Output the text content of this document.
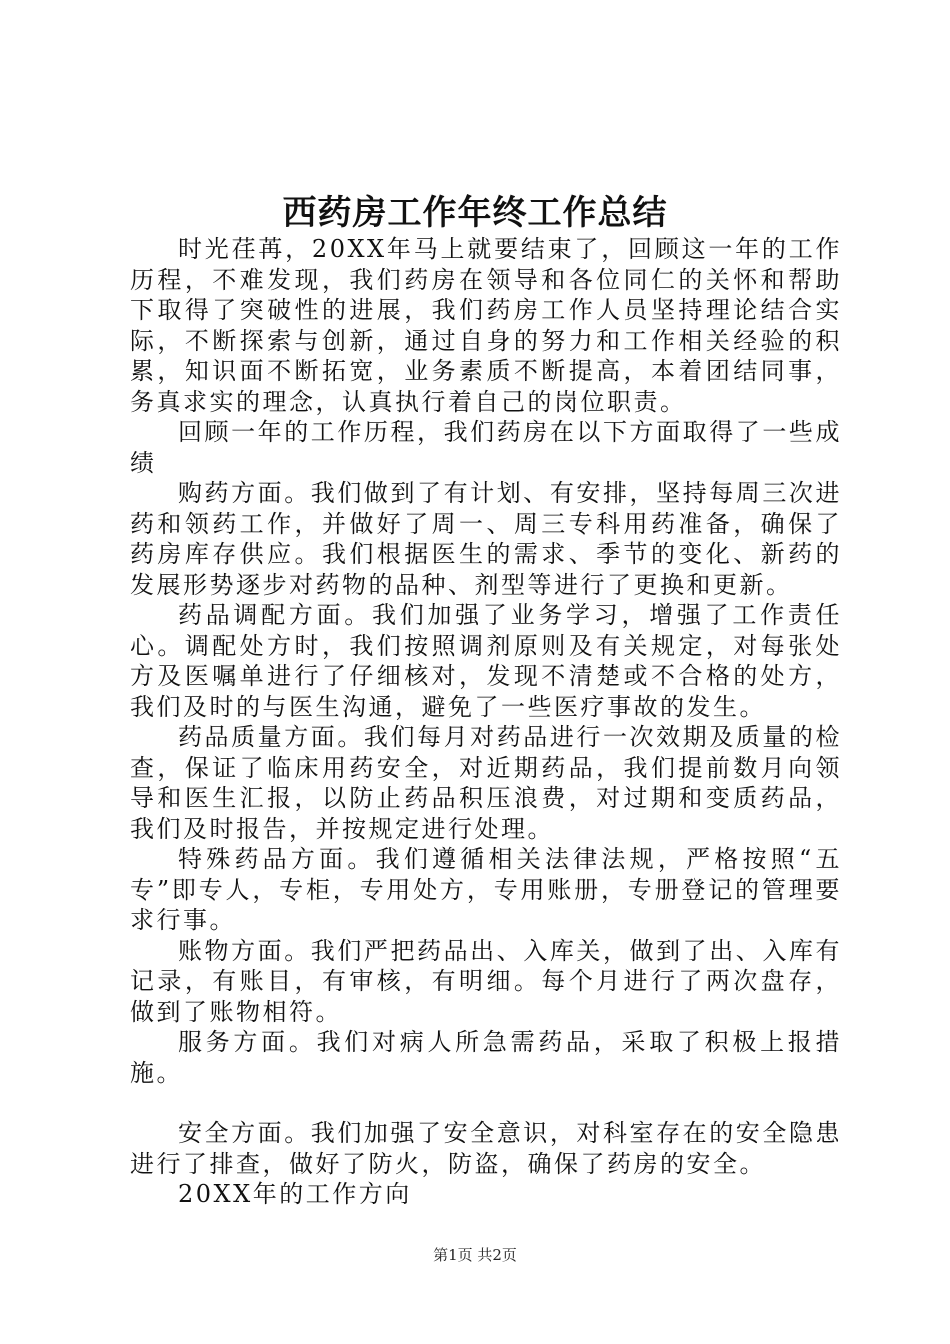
西药房工作年终工作总结

时光荏苒，20XX年马上就要结束了，回顾这一年的工作历程，不难发现，我们药房在领导和各位同仁的关怀和帮助下取得了突破性的进展，我们药房工作人员坚持理论结合实际，不断探索与创新，通过自身的努力和工作相关经验的积累，知识面不断拓宽，业务素质不断提高，本着团结同事，务真求实的理念，认真执行着自己的岗位职责。

回顾一年的工作历程，我们药房在以下方面取得了一些成绩

购药方面。我们做到了有计划、有安排，坚持每周三次进药和领药工作，并做好了周一、周三专科用药准备，确保了药房库存供应。我们根据医生的需求、季节的变化、新药的发展形势逐步对药物的品种、剂型等进行了更换和更新。

药品调配方面。我们加强了业务学习，增强了工作责任心。调配处方时，我们按照调剂原则及有关规定，对每张处方及医嘱单进行了仔细核对，发现不清楚或不合格的处方，我们及时的与医生沟通，避免了一些医疗事故的发生。

药品质量方面。我们每月对药品进行一次效期及质量的检查，保证了临床用药安全，对近期药品，我们提前数月向领导和医生汇报，以防止药品积压浪费，对过期和变质药品，我们及时报告，并按规定进行处理。

特殊药品方面。我们遵循相关法律法规，严格按照“五专”即专人，专柜，专用处方，专用账册，专册登记的管理要求行事。

账物方面。我们严把药品出、入库关，做到了出、入库有记录，有账目，有审核，有明细。每个月进行了两次盘存，做到了账物相符。

服务方面。我们对病人所急需药品，采取了积极上报措施。

安全方面。我们加强了安全意识，对科室存在的安全隐患进行了排查，做好了防火，防盗，确保了药房的安全。

20XX年的工作方向

第1页 共2页
